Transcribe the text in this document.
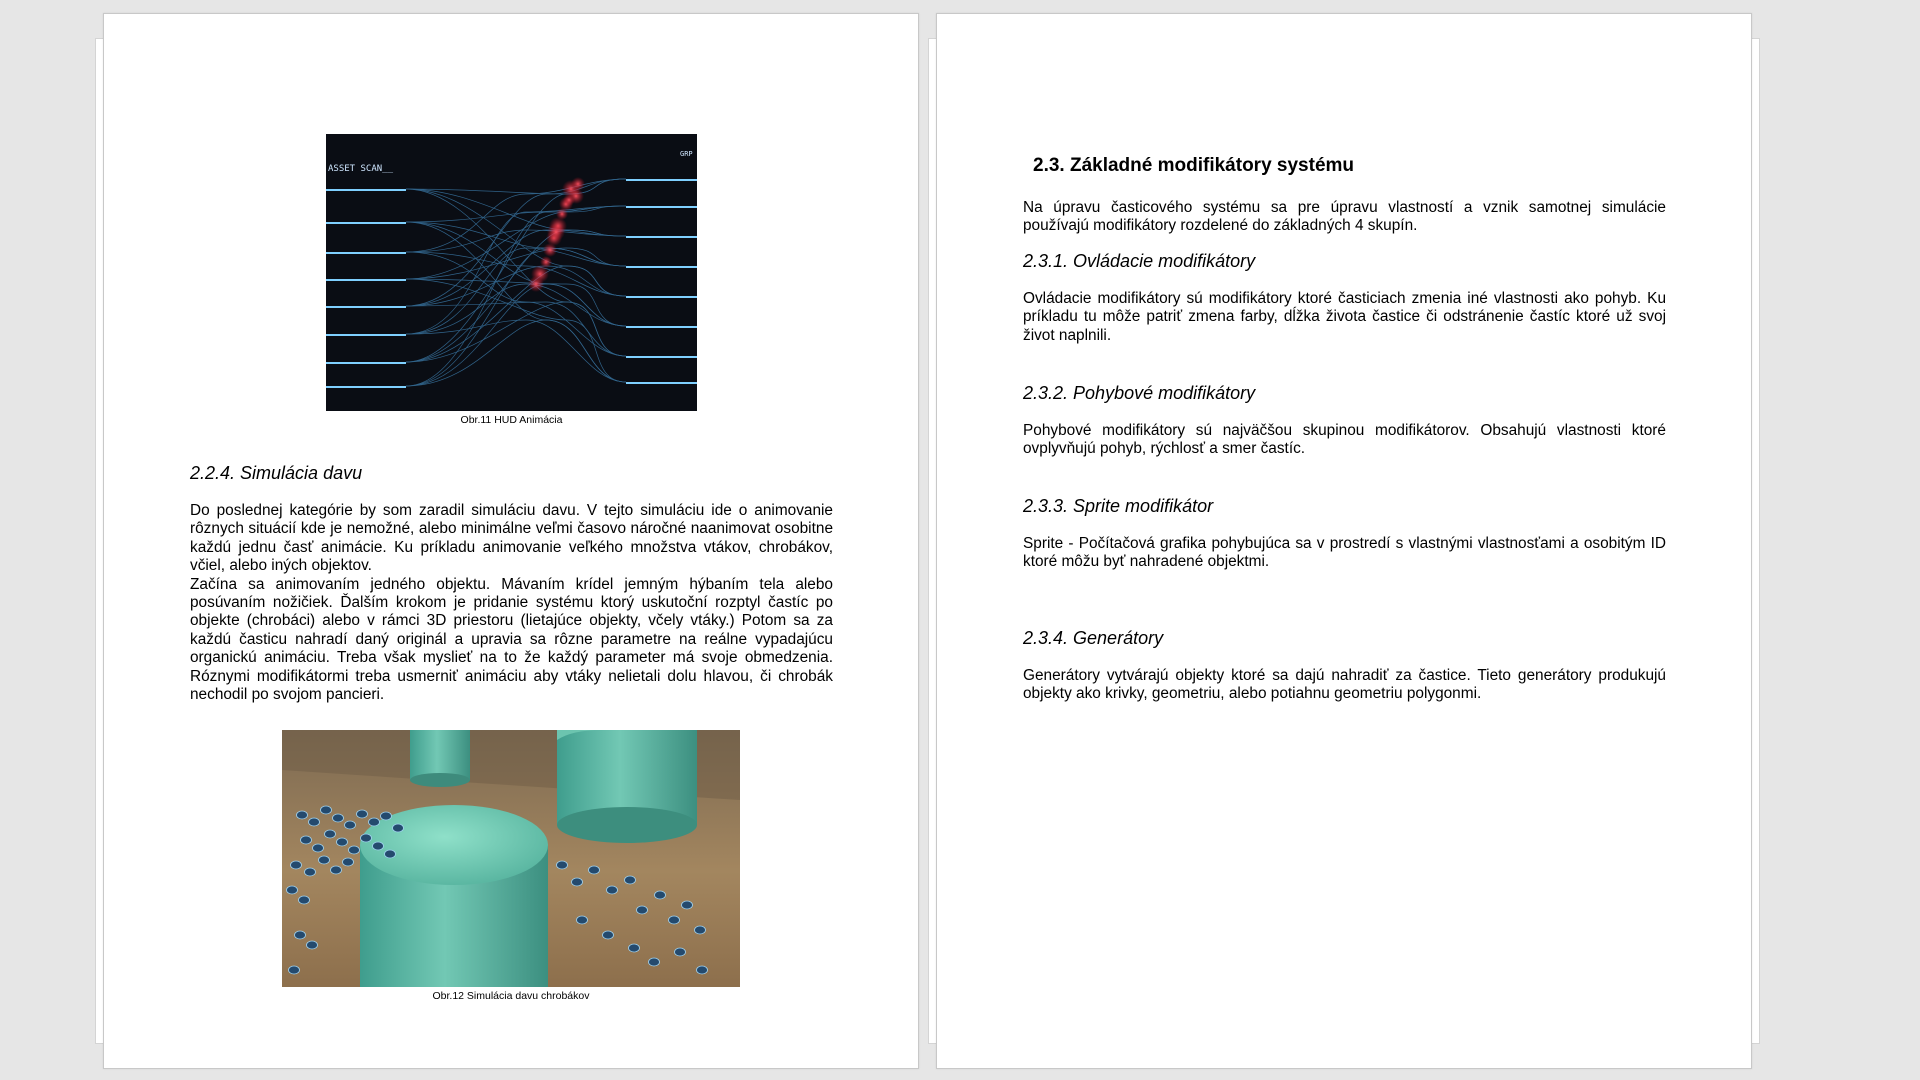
ASSET SCAN__
GRP
Obr.11 HUD Animácia
2.2.4. Simulácia davu

Do poslednej kategórie by som zaradil simuláciu davu. V tejto simuláciu ide o animovanie rôznych situácií kde je nemožné, alebo minimálne veľmi časovo náročné naanimovat osobitne každú jednu časť animácie. Ku príkladu animovanie veľkého množstva vtákov, chrobákov, včiel, alebo iných objektov.

Začína sa animovaním jedného objektu. Mávaním krídel jemným hýbaním tela alebo posúvaním nožičiek. Ďalším krokom je pridanie systému ktorý uskutoční rozptyl častíc po objekte (chrobáci) alebo v rámci 3D priestoru (lietajúce objekty, včely vtáky.) Potom sa za každú časticu nahradí daný originál a upravia sa rôzne parametre na reálne vypadajúcu organickú animáciu. Treba však myslieť na to že každý parameter má svoje obmedzenia. Róznymi modifikátormi treba usmerniť animáciu aby vtáky nelietali dolu hlavou, či chrobák nechodil po svojom pancieri.

Obr.12 Simulácia davu chrobákov
2.3. Základné modifikátory systému
Na úpravu časticového systému sa pre úpravu vlastností a vznik samotnej simulácie používajú modifikátory rozdelené do základných 4 skupín.
2.3.1. Ovládacie modifikátory
Ovládacie modifikátory sú modifikátory ktoré časticiach zmenia iné vlastnosti ako pohyb. Ku príkladu tu môže patriť zmena farby, dĺžka života častice či odstránenie častíc ktoré už svoj život naplnili.
2.3.2. Pohybové modifikátory
Pohybové modifikátory sú najväčšou skupinou modifikátorov. Obsahujú vlastnosti ktoré ovplyvňujú pohyb, rýchlosť a smer častíc.
2.3.3. Sprite modifikátor
Sprite - Počítačová grafika pohybujúca sa v prostredí s vlastnými vlastnosťami a osobitým ID ktoré môžu byť nahradené objektmi.
2.3.4. Generátory
Generátory vytvárajú objekty ktoré sa dajú nahradiť za častice. Tieto generátory produkujú objekty ako krivky, geometriu, alebo potiahnu geometriu polygonmi.
